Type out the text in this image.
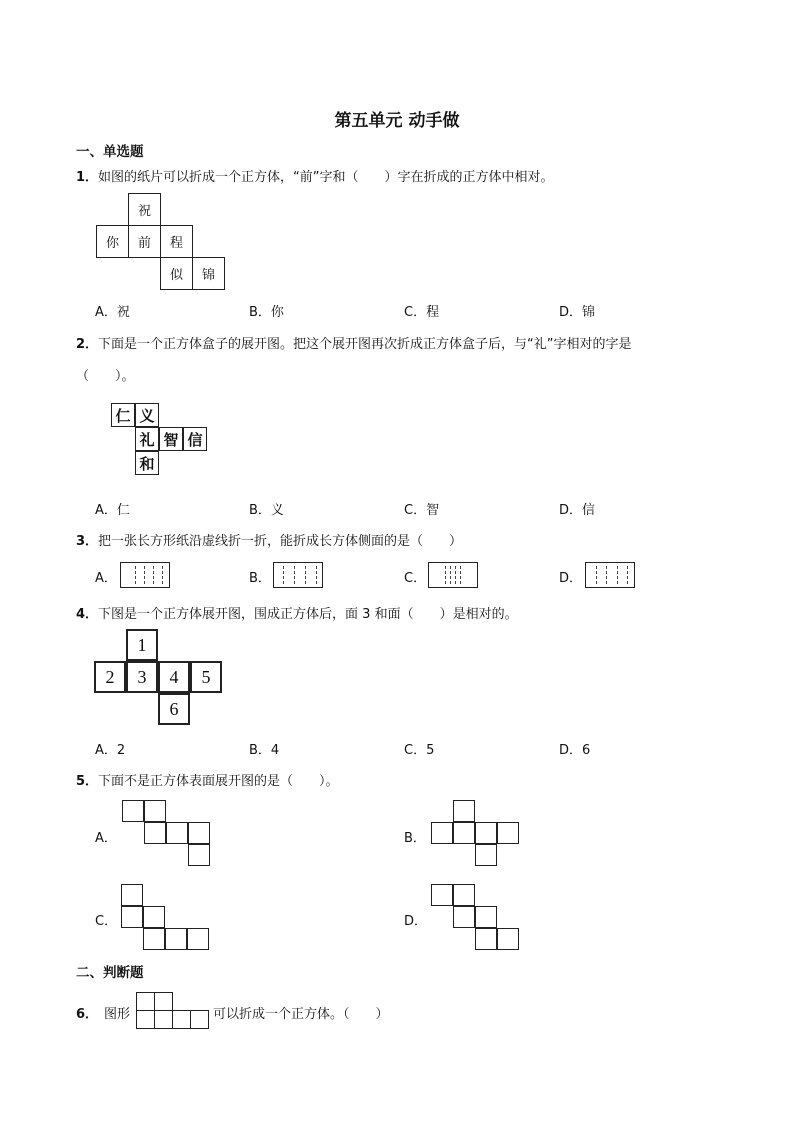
第五单元 动手做
一、单选题
1．如图的纸片可以折成一个正方体，“前”字和（　　）字在折成的正方体中相对。
祝
你	前	程
似	锦
A．祝	B．你	C．程	D．锦
2．下面是一个正方体盒子的展开图。把这个展开图再次折成正方体盒子后，与“礼”字相对的字是
（　　）。
仁 义
礼 智 信
和
A．仁	B．义	C．智	D．信
3．把一张长方形纸沿虚线折一折，能折成长方体侧面的是（　　）
A．	B．	C．	D．
4．下图是一个正方体展开图，围成正方体后，面 3 和面（　　）是相对的。
1
2	3	4	5
6
A．2	B．4	C．5	D．6
5．下面不是正方体表面展开图的是（　　）。
A．	B．
C．	D．
二、判断题
6． 图形	可以折成一个正方体。（　　）
